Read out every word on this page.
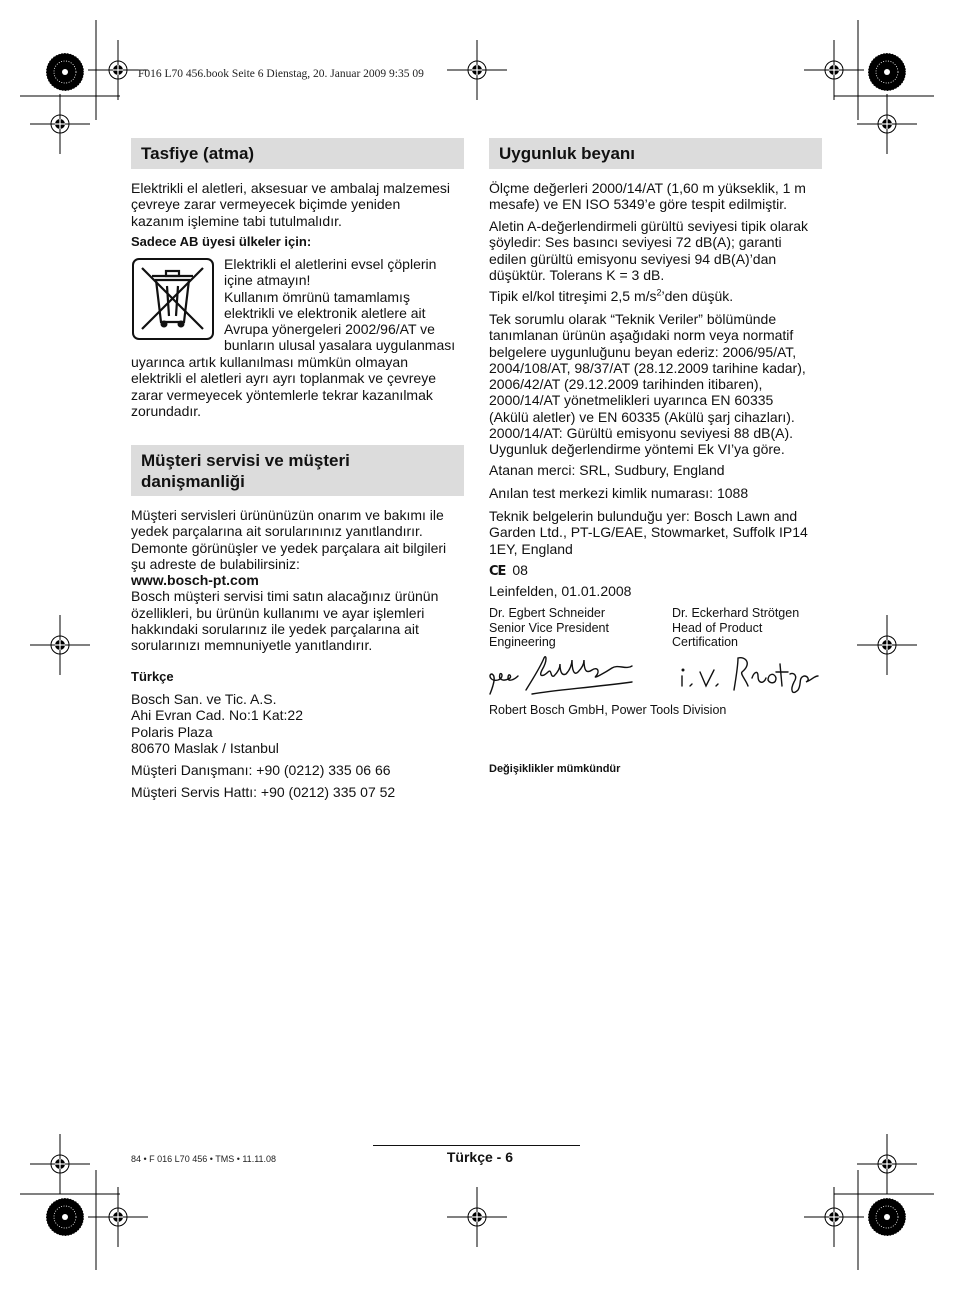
F016 L70 456.book Seite 6 Dienstag, 20. Januar 2009 9:35 09
Tasfiye (atma)

Elektrikli el aletleri, aksesuar ve ambalaj malzemesi

çevreye zarar vermeyecek biçimde yeniden

kazanım işlemine tabi tutulmalıdır.

Sadece AB üyesi ülkeler için:

Elektrikli el aletlerini evsel çöplerin

içine atmayın!

Kullanım ömrünü tamamlamış

elektrikli ve elektronik aletlere ait

Avrupa yönergeleri 2002/96/AT ve

bunların ulusal yasalara uygulanması

uyarınca artık kullanılması mümkün olmayan

elektrikli el aletleri ayrı ayrı toplanmak ve çevreye

zarar vermeyecek yöntemlerle tekrar kazanılmak

zorundadır.

Müşteri servisi ve müşteri
danişmanliği

Müşteri servisleri ürününüzün onarım ve bakımı ile

yedek parçalarına ait sorularınınız yanıtlandırır.

Demonte görünüşler ve yedek parçalara ait bilgileri

şu adreste de bulabilirsiniz:

www.bosch-pt.com

Bosch müşteri servisi timi satın alacağınız ürünün

özellikleri, bu ürünün kullanımı ve ayar işlemleri

hakkındaki sorularınız ile yedek parçalarına ait

sorularınızı memnuniyetle yanıtlandırır.

Türkçe

Bosch San. ve Tic. A.S.

Ahi Evran Cad. No:1 Kat:22

Polaris Plaza

80670 Maslak / Istanbul

Müşteri Danışmanı: +90 (0212) 335 06 66
Müşteri Servis Hattı: +90 (0212) 335 07 52
Uygunluk beyanı

Ölçme değerleri 2000/14/AT (1,60 m yükseklik, 1 m

mesafe) ve EN ISO 5349’e göre tespit edilmiştir.

Aletin A-değerlendirmeli gürültü seviyesi tipik olarak

şöyledir: Ses basıncı seviyesi 72 dB(A); garanti

edilen gürültü emisyonu seviyesi 94 dB(A)’dan

düşüktür. Tolerans K = 3 dB.

Tipik el/kol titreşimi 2,5 $m/s^2’den$ düşük.

Tek sorumlu olarak “Teknik Veriler” bölümünde

tanımlanan ürünün aşağıdaki norm veya normatif

belgelere uygunluğunu beyan ederiz: 2006/95/AT,

2004/108/AT, 98/37/AT (28.12.2009 tarihine kadar),

2006/42/AT (29.12.2009 tarihinden itibaren),

2000/14/AT yönetmelikleri uyarınca EN 60335

(Akülü aletler) ve EN 60335 (Akülü şarj cihazları).

2000/14/AT: Gürültü emisyonu seviyesi 88 dB(A).

Uygunluk değerlendirme yöntemi Ek VI’ya göre.

Atanan merci: SRL, Sudbury, England
Anılan test merkezi kimlik numarası: 1088

Teknik belgelerin bulunduğu yer: Bosch Lawn and

Garden Ltd., PT-LG/EAE, Stowmarket, Suffolk IP14

1EY, England

CE 08
Leinfelden, 01.01.2008
Dr. Egbert Schneider
Senior Vice President
Engineering
Dr. Eckerhard Strötgen
Head of Product
Certification
Robert Bosch GmbH, Power Tools Division
Değişiklikler mümkündür
84 • F 016 L70 456 • TMS • 11.11.08	Türkçe - 6
